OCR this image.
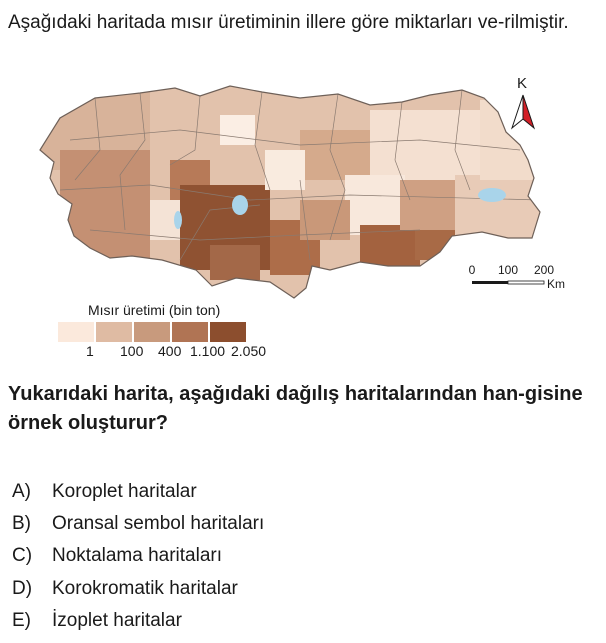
Aşağıdaki haritada mısır üretiminin illere göre miktarları ve-rilmiştir.
K
0 100 200
Km
Mısır üretimi (bin ton)
1 100 400 1.100 2.050
Yukarıdaki harita, aşağıdaki dağılış haritalarından han-gisine örnek oluşturur?
A) Koroplet haritalar
B) Oransal sembol haritaları
C) Noktalama haritaları
D) Korokromatik haritalar
E) İzoplet haritalar
